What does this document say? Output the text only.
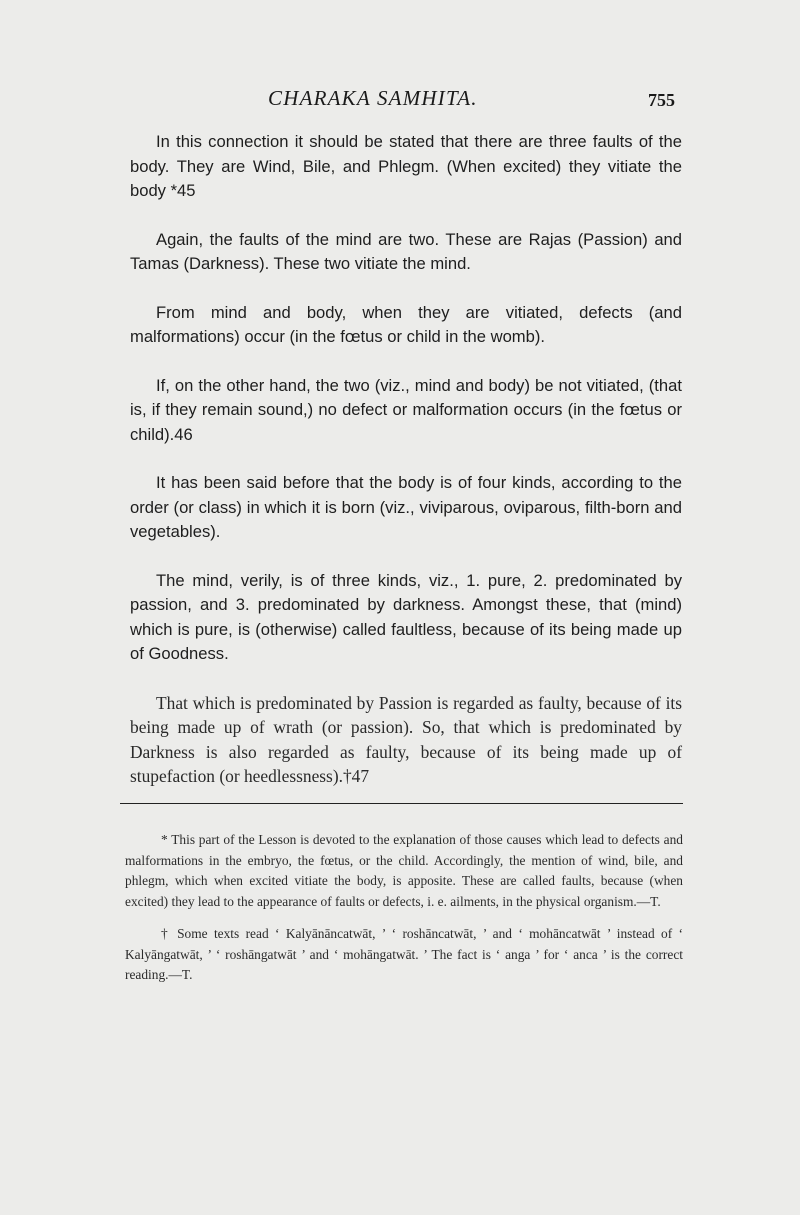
CHARAKA SAMHITA.	755

In this connection it should be stated that there are three faults of the body. They are Wind, Bile, and Phlegm. (When excited) they vitiate the body *45

Again, the faults of the mind are two. These are Rajas (Passion) and Tamas (Darkness). These two vitiate the mind.

From mind and body, when they are vitiated, defects (and malformations) occur (in the fœtus or child in the womb).

If, on the other hand, the two (viz., mind and body) be not vitiated, (that is, if they remain sound,) no defect or malformation occurs (in the fœtus or child).46

It has been said before that the body is of four kinds, according to the order (or class) in which it is born (viz., viviparous, oviparous, filth-born and vegetables).

The mind, verily, is of three kinds, viz., 1. pure, 2. predominated by passion, and 3. predominated by darkness. Amongst these, that (mind) which is pure, is (otherwise) called faultless, because of its being made up of Goodness.

That which is predominated by Passion is regarded as faulty, because of its being made up of wrath (or passion). So, that which is predominated by Darkness is also regarded as faulty, because of its being made up of stupefaction (or heedlessness).†47

* This part of the Lesson is devoted to the explanation of those causes which lead to defects and malformations in the embryo, the fœtus, or the child. Accordingly, the mention of wind, bile, and phlegm, which when excited vitiate the body, is apposite. These are called faults, because (when excited) they lead to the appearance of faults or defects, i. e. ailments, in the physical organism.—T.

† Some texts read ‘ Kalyānāncatwāt, ’ ‘ roshāncatwāt, ’ and ‘ mohāncatwāt ’ instead of ‘ Kalyāngatwāt, ’ ‘ roshāngatwāt ’ and ‘ mohāngatwāt. ’ The fact is ‘ anga ’ for ‘ anca ’ is the correct reading.—T.
